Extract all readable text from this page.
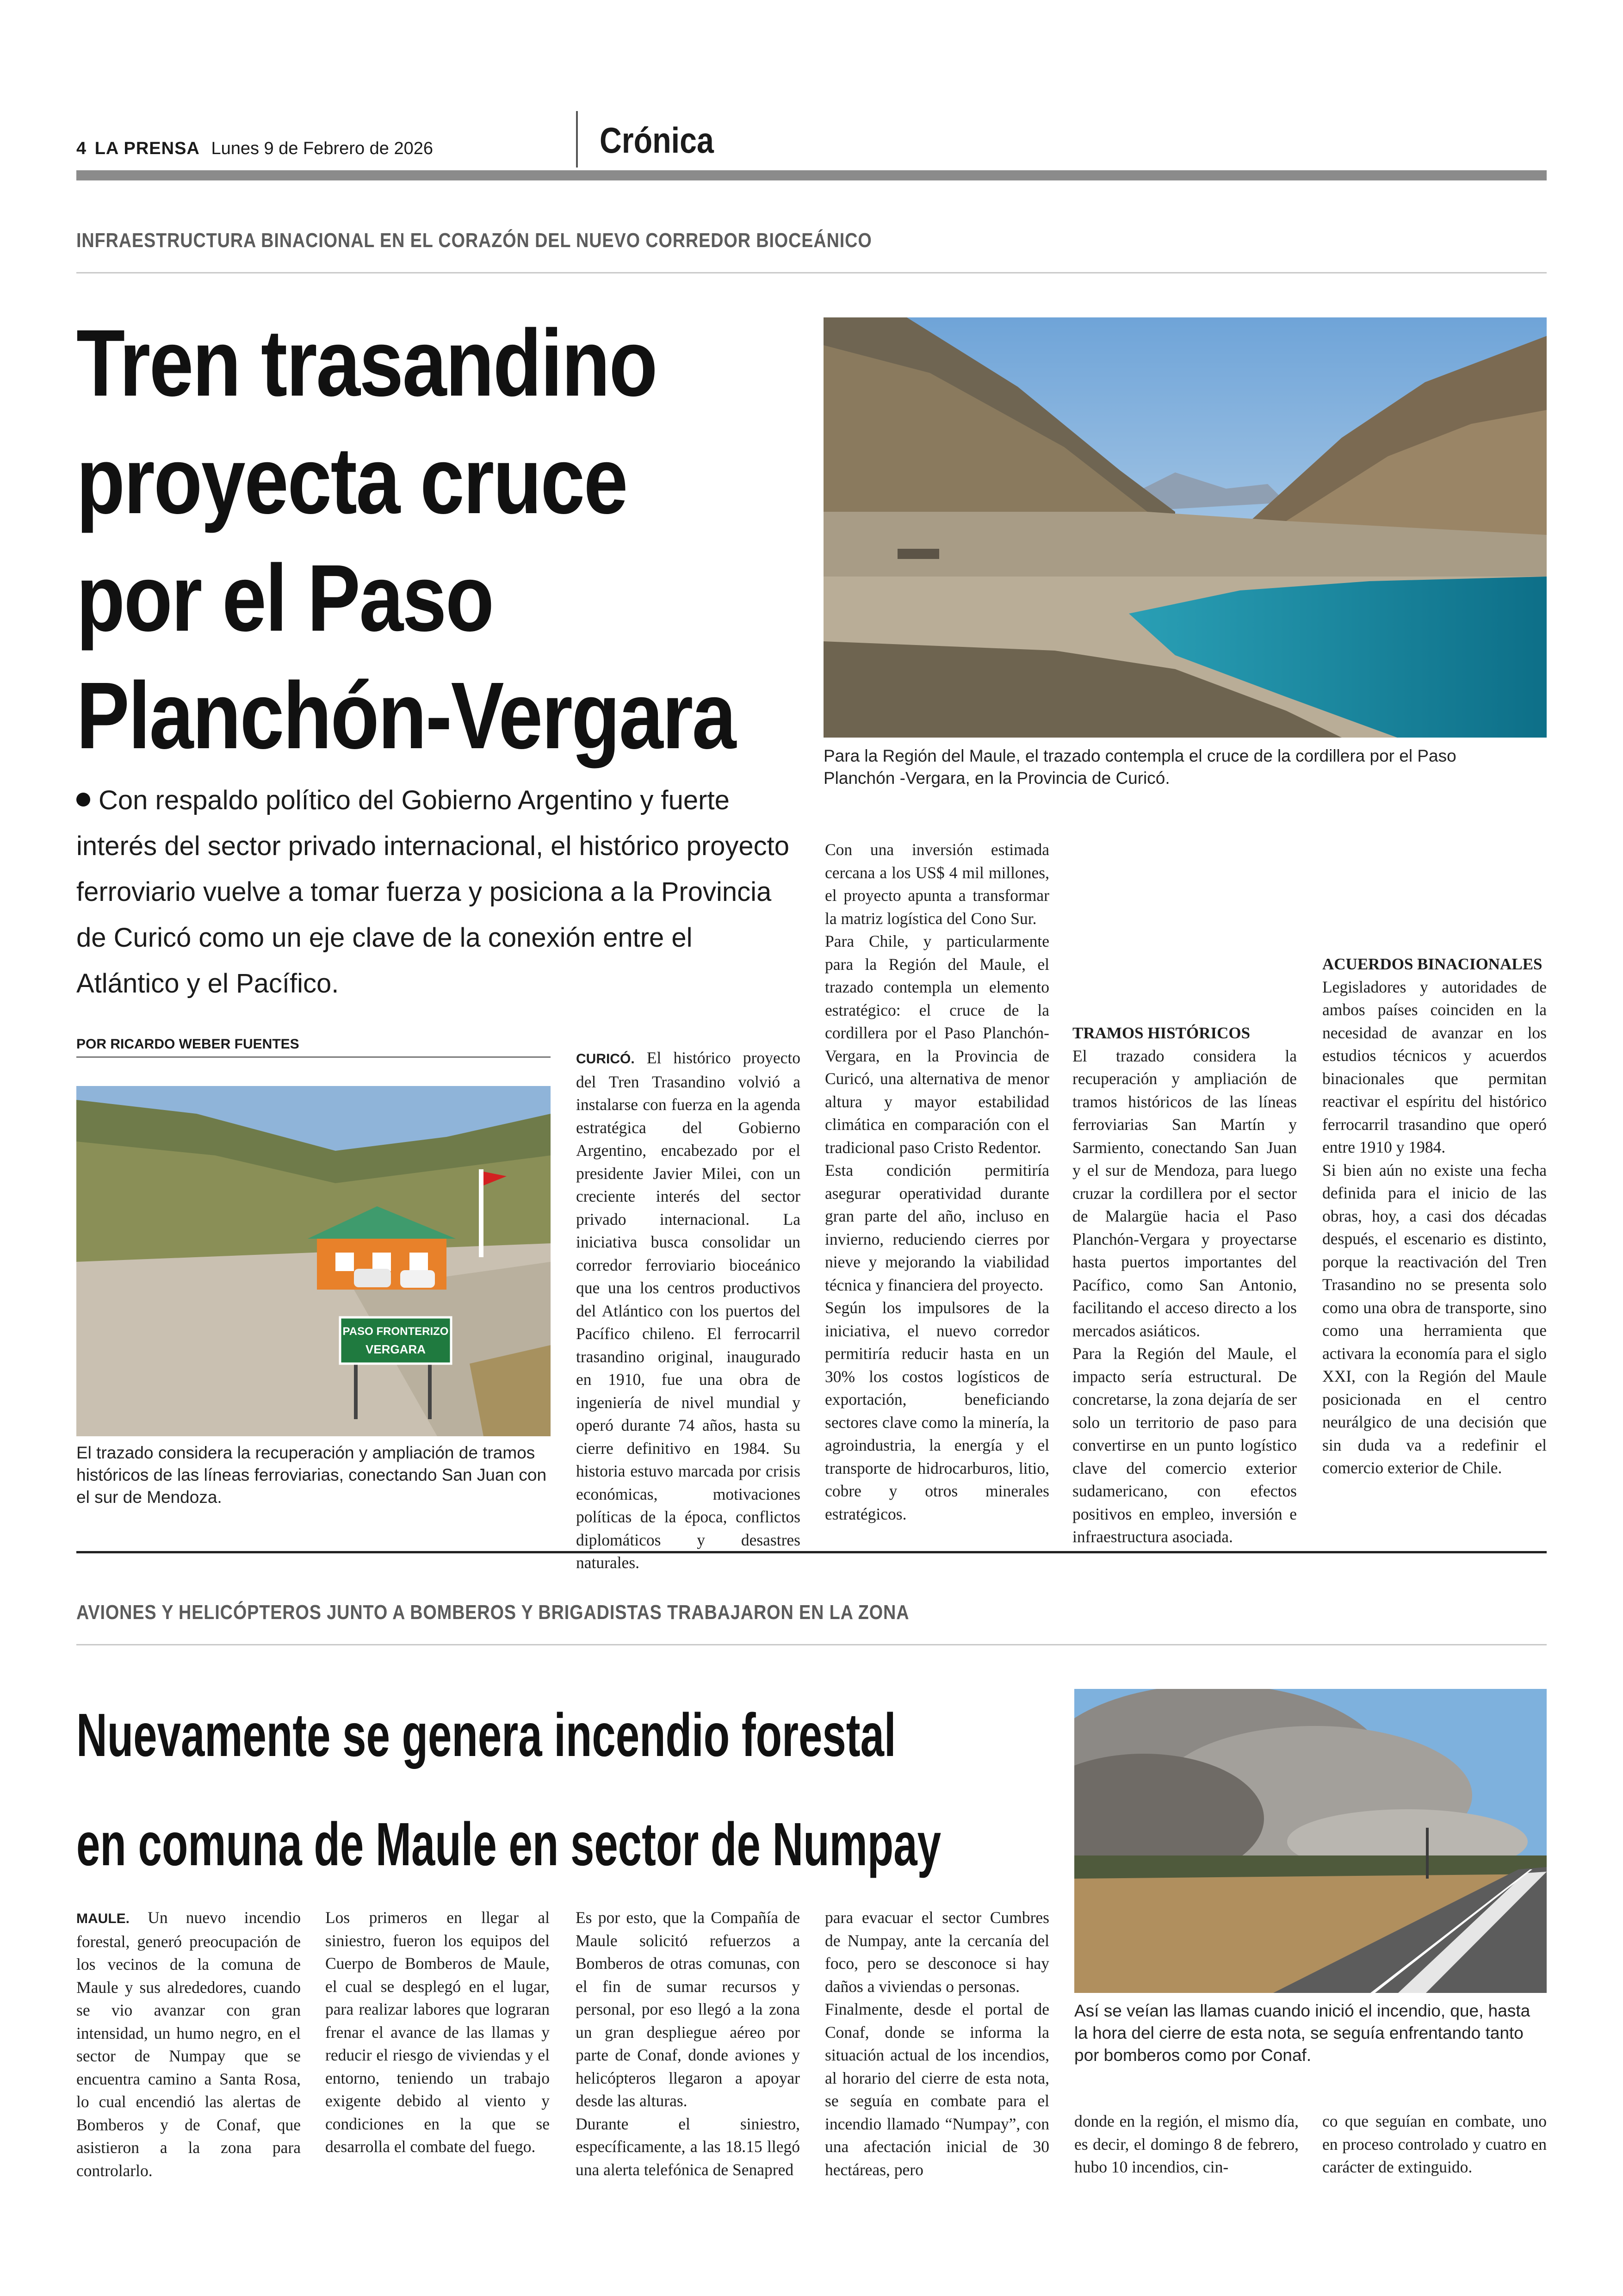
4 LA PRENSA Lunes 9 de Febrero de 2026	Crónica
INFRAESTRUCTURA BINACIONAL EN EL CORAZÓN DEL NUEVO CORREDOR BIOCEÁNICO
Tren trasandino
proyecta cruce
por el Paso
Planchón-Vergara
Con respaldo político del Gobierno Argentino y fuerte interés del sector privado internacional, el histórico proyecto ferroviario vuelve a tomar fuerza y posiciona a la Provincia de Curicó como un eje clave de la conexión entre el Atlántico y el Pacífico.
POR RICARDO WEBER FUENTES
Para la Región del Maule, el trazado contempla el cruce de la cordillera por el Paso Planchón -Vergara, en la Provincia de Curicó.
PASO FRONTERIZO
VERGARA
El trazado considera la recuperación y ampliación de tramos históricos de las líneas ferroviarias, conectando San Juan con el sur de Mendoza.

CURICÓ. El histórico proyecto del Tren Trasandino volvió a instalarse con fuerza en la agenda estratégica del Gobierno Argentino, encabezado por el presidente Javier Milei, con un creciente interés del sector privado internacional. La iniciativa busca consolidar un corredor ferroviario bioceánico que una los centros productivos del Atlántico con los puertos del Pacífico chileno. El ferrocarril trasandino original, inaugurado en 1910, fue una obra de ingeniería de nivel mundial y operó durante 74 años, hasta su cierre definitivo en 1984. Su historia estuvo marcada por crisis económicas, motivaciones políticas de la época, conflictos diplomáticos y desastres naturales.

Con una inversión estimada cercana a los US$ 4 mil millones, el proyecto apunta a transformar la matriz logística del Cono Sur.

Para Chile, y particularmente para la Región del Maule, el trazado contempla un elemento estratégico: el cruce de la cordillera por el Paso Planchón-Vergara, en la Provincia de Curicó, una alternativa de menor altura y mayor estabilidad climática en comparación con el tradicional paso Cristo Redentor.

Esta condición permitiría asegurar operatividad durante gran parte del año, incluso en invierno, reduciendo cierres por nieve y mejorando la viabilidad técnica y financiera del proyecto.

Según los impulsores de la iniciativa, el nuevo corredor permitiría reducir hasta en un 30% los costos logísticos de exportación, beneficiando sectores clave como la minería, la agroindustria, la energía y el transporte de hidrocarburos, litio, cobre y otros minerales estratégicos.

TRAMOS HISTÓRICOS

El trazado considera la recuperación y ampliación de tramos históricos de las líneas ferroviarias San Martín y Sarmiento, conectando San Juan y el sur de Mendoza, para luego cruzar la cordillera por el sector de Malargüe hacia el Paso Planchón-Vergara y proyectarse hasta puertos importantes del Pacífico, como San Antonio, facilitando el acceso directo a los mercados asiáticos.

Para la Región del Maule, el impacto sería estructural. De concretarse, la zona dejaría de ser solo un territorio de paso para convertirse en un punto logístico clave del comercio exterior sudamericano, con efectos positivos en empleo, inversión e infraestructura asociada.

ACUERDOS BINACIONALES

Legisladores y autoridades de ambos países coinciden en la necesidad de avanzar en los estudios técnicos y acuerdos binacionales que permitan reactivar el espíritu del histórico ferrocarril trasandino que operó entre 1910 y 1984.

Si bien aún no existe una fecha definida para el inicio de las obras, hoy, a casi dos décadas después, el escenario es distinto, porque la reactivación del Tren Trasandino no se presenta solo como una obra de transporte, sino como una herramienta que activara la economía para el siglo XXI, con la Región del Maule posicionada en el centro neurálgico de una decisión que sin duda va a redefinir el comercio exterior de Chile.

AVIONES Y HELICÓPTEROS JUNTO A BOMBEROS Y BRIGADISTAS TRABAJARON EN LA ZONA
Nuevamente se genera incendio forestal
en comuna de Maule en sector de Numpay
Así se veían las llamas cuando inició el incendio, que, hasta la hora del cierre de esta nota, se seguía enfrentando tanto por bomberos como por Conaf.

MAULE. Un nuevo incendio forestal, generó preocupación de los vecinos de la comuna de Maule y sus alrededores, cuando se vio avanzar con gran intensidad, un humo negro, en el sector de Numpay que se encuentra camino a Santa Rosa, lo cual encendió las alertas de Bomberos y de Conaf, que asistieron a la zona para controlarlo.

Los primeros en llegar al siniestro, fueron los equipos del Cuerpo de Bomberos de Maule, el cual se desplegó en el lugar, para realizar labores que lograran frenar el avance de las llamas y reducir el riesgo de viviendas y el entorno, teniendo un trabajo exigente debido al viento y condiciones en la que se desarrolla el combate del fuego.

Es por esto, que la Compañía de Maule solicitó refuerzos a Bomberos de otras comunas, con el fin de sumar recursos y personal, por eso llegó a la zona un gran despliegue aéreo por parte de Conaf, donde aviones y helicópteros llegaron a apoyar desde las alturas.

Durante el siniestro, específicamente, a las 18.15 llegó una alerta telefónica de Senapred

para evacuar el sector Cumbres de Numpay, ante la cercanía del foco, pero se desconoce si hay daños a viviendas o personas.

Finalmente, desde el portal de Conaf, donde se informa la situación actual de los incendios, al horario del cierre de esta nota, se seguía en combate para el incendio llamado “Numpay”, con una afectación inicial de 30 hectáreas, pero

donde en la región, el mismo día, es decir, el domingo 8 de febrero, hubo 10 incendios, cin-

co que seguían en combate, uno en proceso controlado y cuatro en carácter de extinguido.
